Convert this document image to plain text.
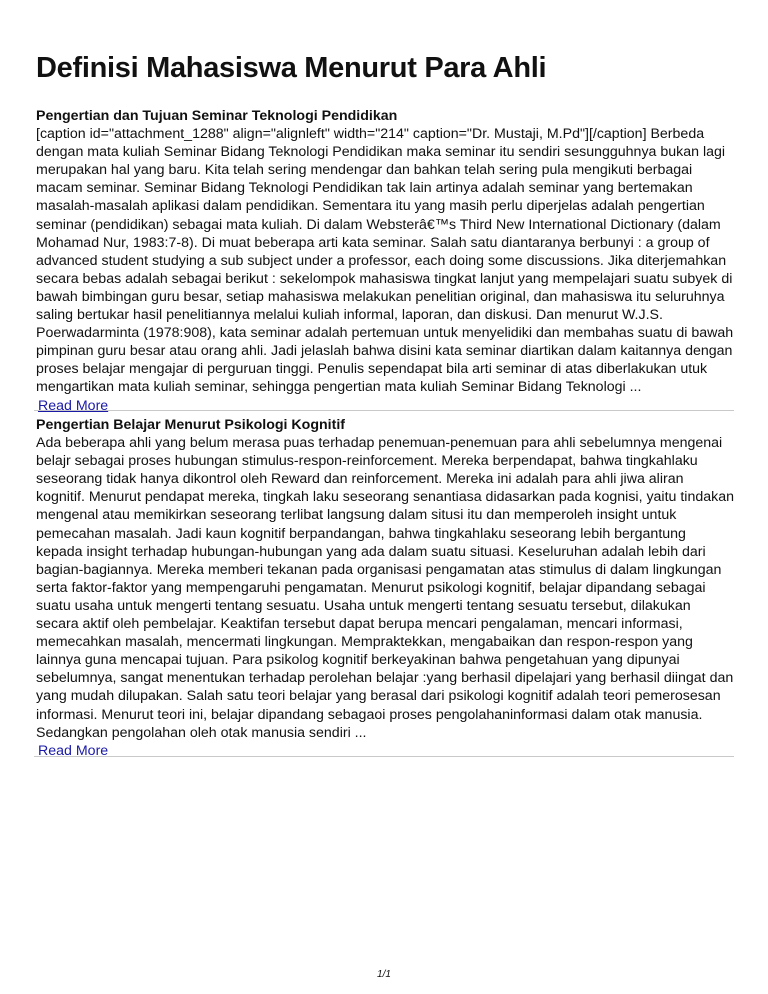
Definisi Mahasiswa Menurut Para Ahli
Pengertian dan Tujuan Seminar Teknologi Pendidikan

[caption id="attachment_1288" align="alignleft" width="214" caption="Dr. Mustaji, M.Pd"][/caption] Berbeda dengan mata kuliah Seminar Bidang Teknologi Pendidikan maka seminar itu sendiri sesungguhnya bukan lagi merupakan hal yang baru. Kita telah sering mendengar dan bahkan telah sering pula mengikuti berbagai macam seminar. Seminar Bidang Teknologi Pendidikan tak lain artinya adalah seminar yang bertemakan masalah-masalah aplikasi dalam pendidikan. Sementara itu yang masih perlu diperjelas adalah pengertian seminar (pendidikan) sebagai mata kuliah. Di dalam Websterâ€™s Third New International Dictionary (dalam Mohamad Nur, 1983:7-8). Di muat beberapa arti kata seminar. Salah satu diantaranya berbunyi : a group of advanced student studying a sub subject under a professor, each doing some discussions. Jika diterjemahkan secara bebas adalah sebagai berikut : sekelompok mahasiswa tingkat lanjut yang mempelajari suatu subyek di bawah bimbingan guru besar, setiap mahasiswa melakukan penelitian original, dan mahasiswa itu seluruhnya saling bertukar hasil penelitiannya melalui kuliah informal, laporan, dan diskusi. Dan menurut W.J.S. Poerwadarminta (1978:908), kata seminar adalah pertemuan untuk menyelidiki dan membahas suatu di bawah pimpinan guru besar atau orang ahli. Jadi jelaslah bahwa disini kata seminar diartikan dalam kaitannya dengan proses belajar mengajar di perguruan tinggi. Penulis sependapat bila arti seminar di atas diberlakukan utuk mengartikan mata kuliah seminar, sehingga pengertian mata kuliah Seminar Bidang Teknologi ...

Read More
Pengertian Belajar Menurut Psikologi Kognitif

Ada beberapa ahli yang belum merasa puas terhadap penemuan-penemuan para ahli sebelumnya mengenai belajr sebagai proses hubungan stimulus-respon-reinforcement. Mereka berpendapat, bahwa tingkahlaku seseorang tidak hanya dikontrol oleh Reward dan reinforcement. Mereka ini adalah para ahli jiwa aliran kognitif. Menurut pendapat mereka, tingkah laku seseorang senantiasa didasarkan pada kognisi, yaitu tindakan mengenal atau memikirkan seseorang terlibat langsung dalam situsi itu dan memperoleh insight untuk pemecahan masalah. Jadi kaun kognitif berpandangan, bahwa tingkahlaku seseorang lebih bergantung kepada insight terhadap hubungan-hubungan yang ada dalam suatu situasi. Keseluruhan adalah lebih dari bagian-bagiannya. Mereka memberi tekanan pada organisasi pengamatan atas stimulus di dalam lingkungan serta faktor-faktor yang mempengaruhi pengamatan. Menurut psikologi kognitif, belajar dipandang sebagai suatu usaha untuk mengerti tentang sesuatu. Usaha untuk mengerti tentang sesuatu tersebut, dilakukan secara aktif oleh pembelajar. Keaktifan tersebut dapat berupa mencari pengalaman, mencari informasi, memecahkan masalah, mencermati lingkungan. Mempraktekkan, mengabaikan dan respon-respon yang lainnya guna mencapai tujuan. Para psikolog kognitif berkeyakinan bahwa pengetahuan yang dipunyai sebelumnya, sangat menentukan terhadap perolehan belajar :yang berhasil dipelajari yang berhasil diingat dan yang mudah dilupakan. Salah satu teori belajar yang berasal dari psikologi kognitif adalah teori pemerosesan informasi. Menurut teori ini, belajar dipandang sebagaoi proses pengolahaninformasi dalam otak manusia. Sedangkan pengolahan oleh otak manusia sendiri ...

Read More
1/1
